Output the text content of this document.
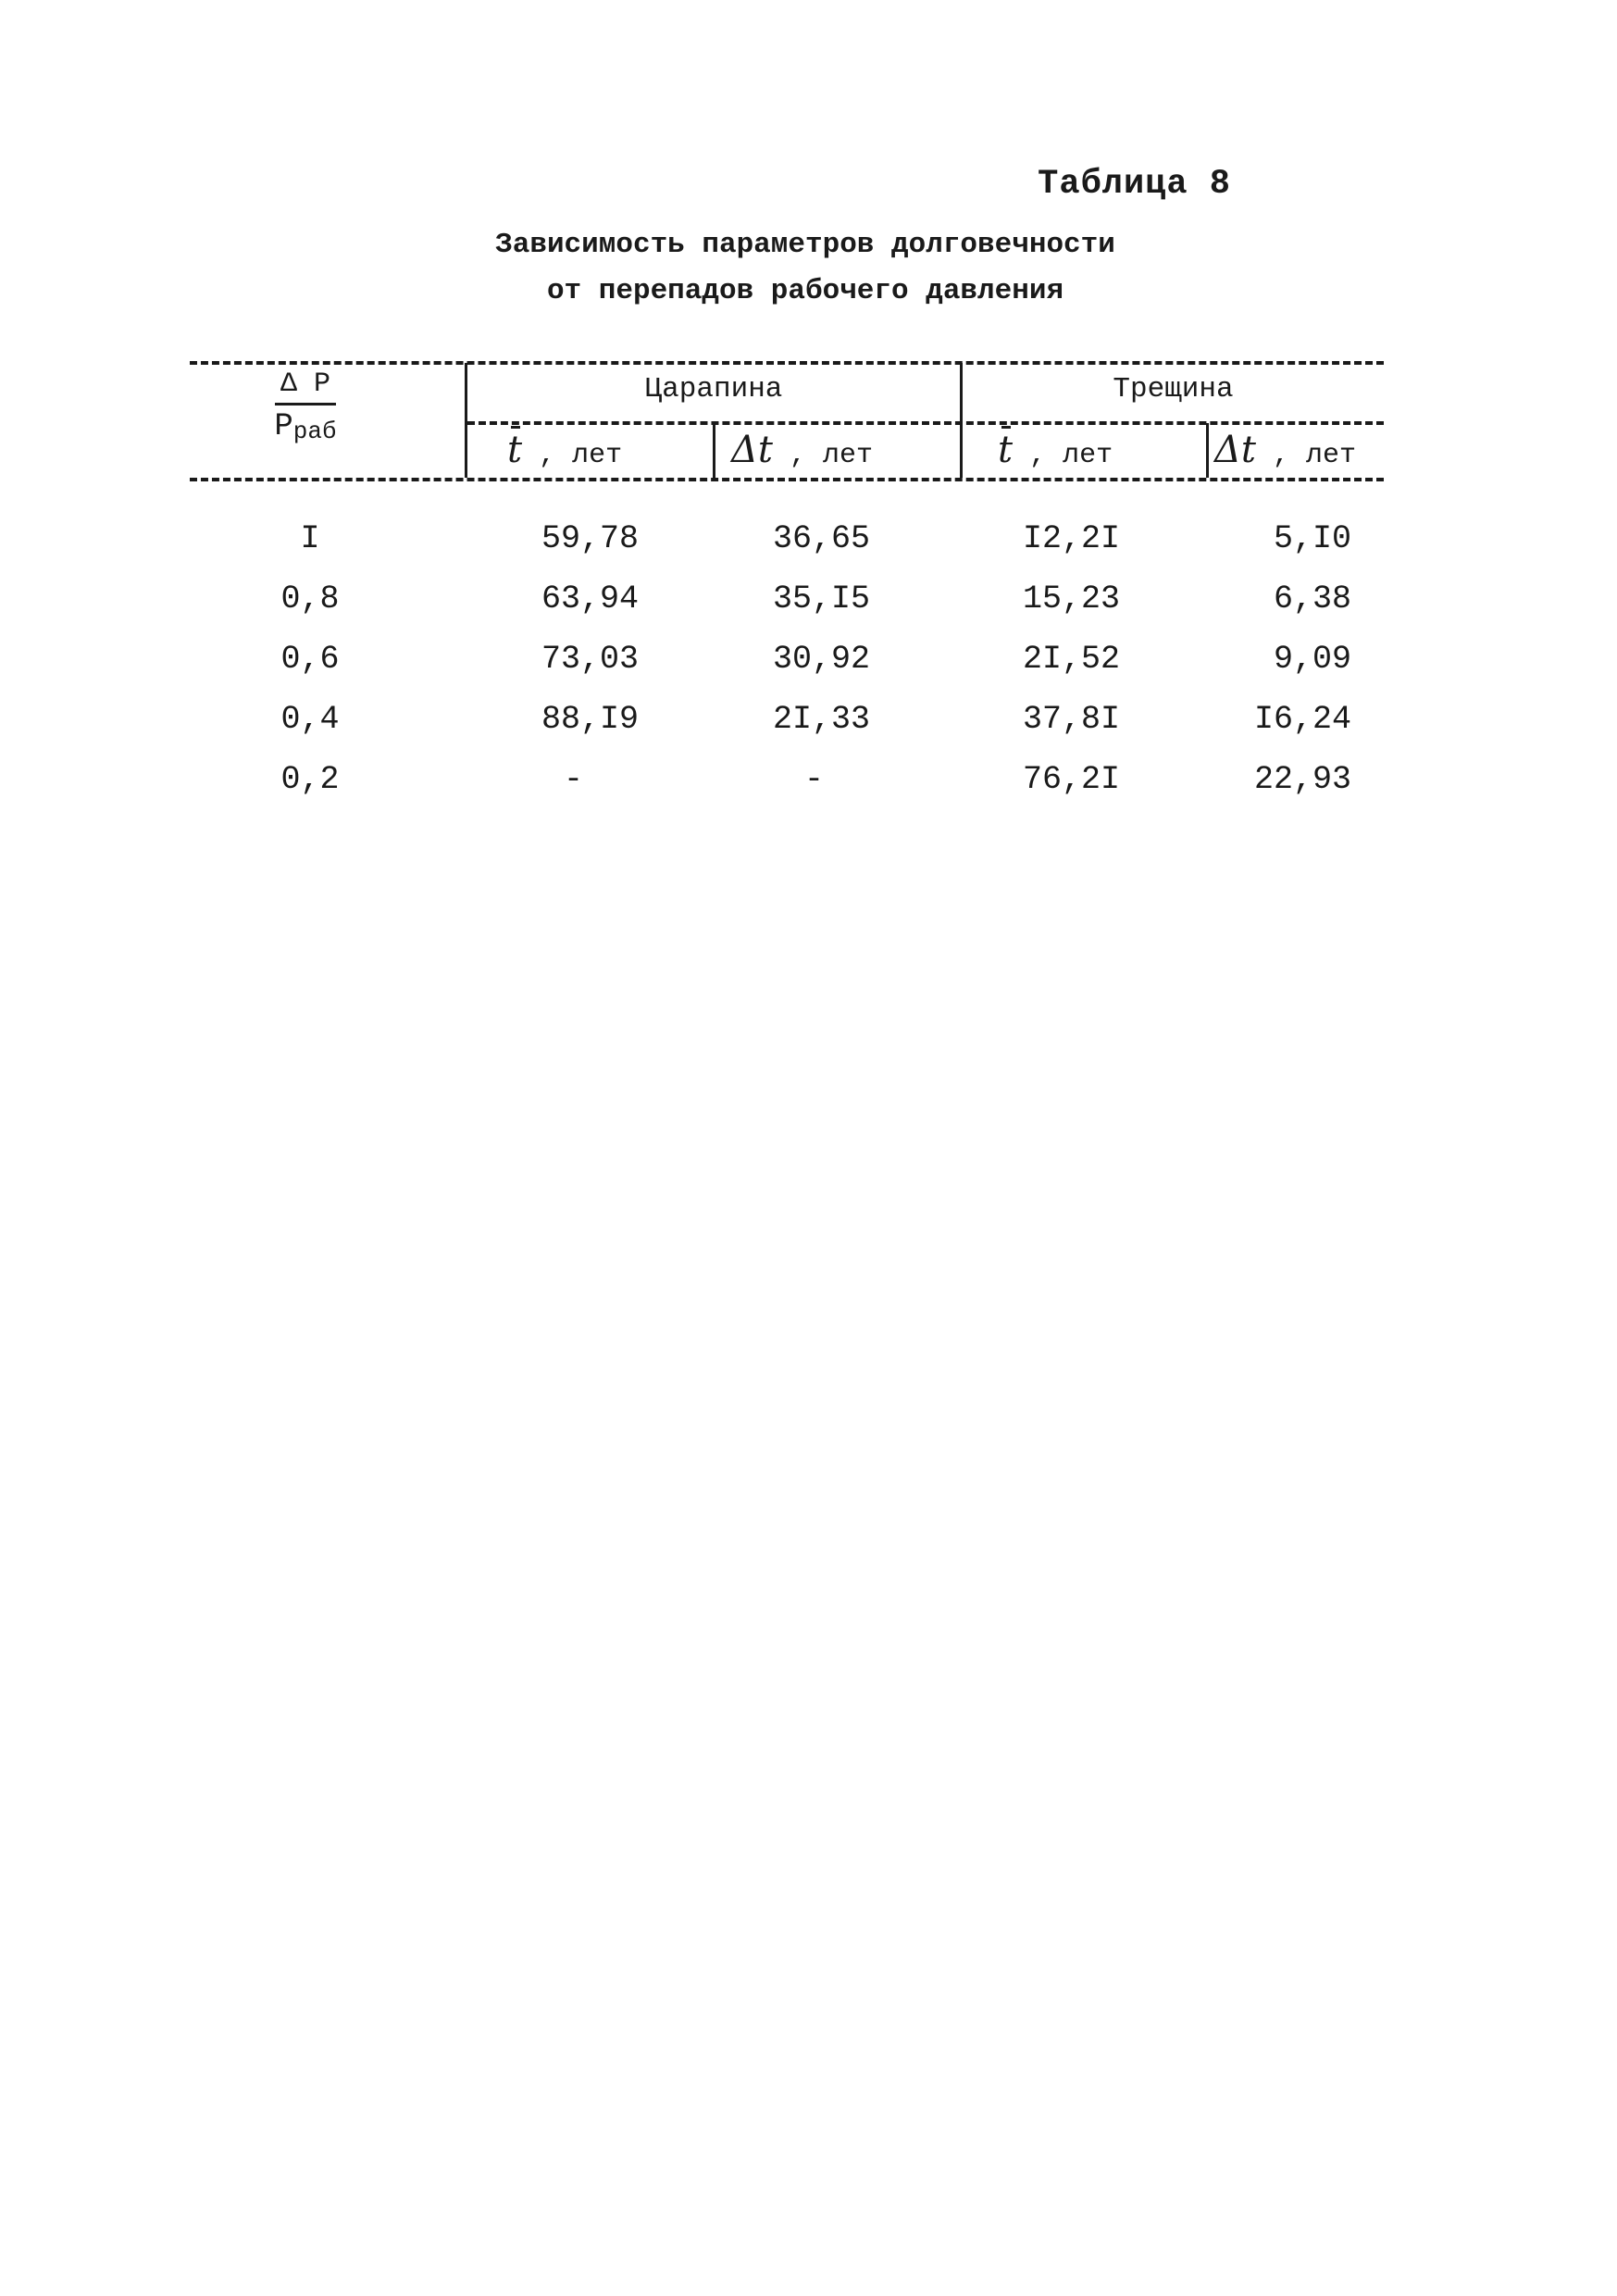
Таблица 8
Зависимость параметров долговечности
от перепадов рабочего давления
Δ P
$P_{раб}$
Царапина	Трещина
t , лет	Δt , лет	t , лет	Δt , лет
I	59,78	36,65	I2,2I	5,I0
0,8	63,94	35,I5	15,23	6,38
0,6	73,03	30,92	2I,52	9,09
0,4	88,I9	2I,33	37,8I	I6,24
0,2	-	-	76,2I	22,93
